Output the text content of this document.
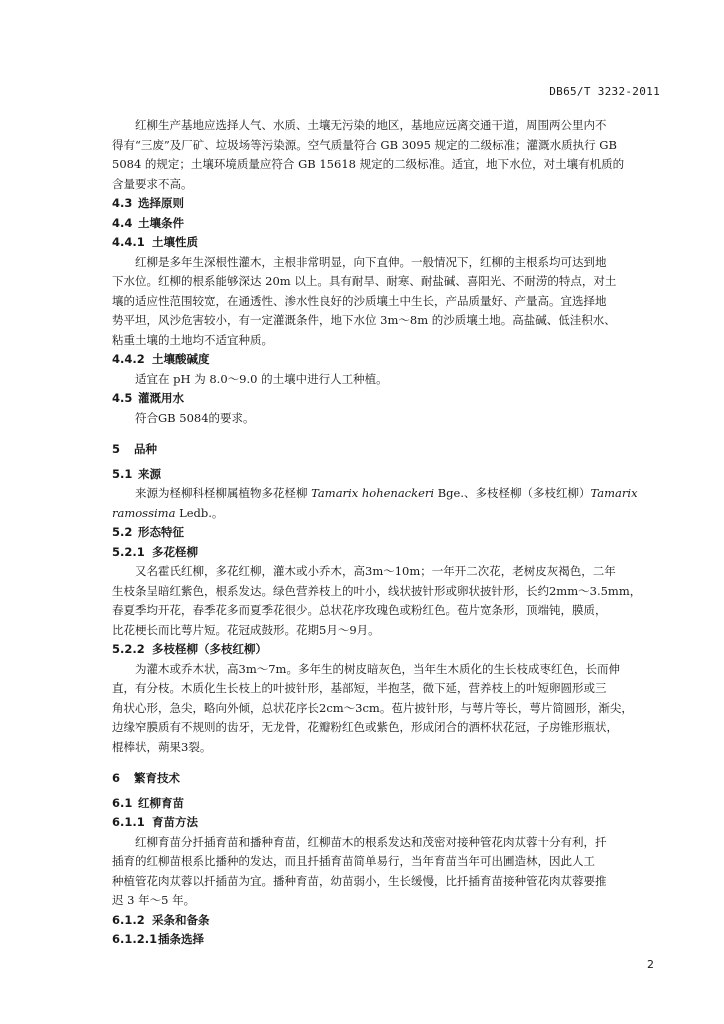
DB65/T 3232-2011

红柳生产基地应选择人气、水质、土壤无污染的地区，基地应远离交通干道，周围两公里内不

得有“三废”及厂矿、垃圾场等污染源。空气质量符合 GB 3095 规定的二级标准；灌溉水质执行 GB

5084 的规定；土壤环境质量应符合 GB 15618 规定的二级标准。适宜，地下水位，对土壤有机质的

含量要求不高。

4.3 选择原则
4.4 土壤条件
4.4.1 土壤性质

红柳是多年生深根性灌木，主根非常明显，向下直伸。一般情况下，红柳的主根系均可达到地

下水位。红柳的根系能够深达 20m 以上。具有耐旱、耐寒、耐盐碱、喜阳光、不耐涝的特点，对土

壤的适应性范围较宽，在通透性、渗水性良好的沙质壤土中生长，产品质量好、产量高。宜选择地

势平坦，风沙危害较小，有一定灌溉条件，地下水位 3m～8m 的沙质壤土地。高盐碱、低洼积水、

粘重土壤的土地均不适宜种质。

4.4.2 土壤酸碱度

适宜在 pH 为 8.0～9.0 的土壤中进行人工种植。

4.5 灌溉用水

符合GB 5084的要求。

5 品种
5.1 来源

来源为柽柳科柽柳属植物多花柽柳 Tamarix hohenackeri Bge.、多枝柽柳（多枝红柳）Tamarix

ramossima Ledb.。

5.2 形态特征
5.2.1 多花柽柳

又名霍氏红柳，多花红柳，灌木或小乔木，高3m～10m；一年开二次花，老树皮灰褐色，二年

生枝条呈暗红紫色，根系发达。绿色营养枝上的叶小，线状披针形或卵状披针形，长约2mm～3.5mm，

春夏季均开花，春季花多而夏季花很少。总状花序玫瑰色或粉红色。苞片宽条形，顶端钝，膜质，

比花梗长而比萼片短。花冠成鼓形。花期5月～9月。

5.2.2 多枝柽柳（多枝红柳）

为灌木或乔木状，高3m～7m。多年生的树皮暗灰色，当年生木质化的生长枝成枣红色，长而伸

直，有分枝。木质化生长枝上的叶披针形，基部短，半抱茎，微下延，营养枝上的叶短卵圆形或三

角状心形，急尖，略向外倾，总状花序长2cm～3cm。苞片披针形，与萼片等长，萼片简圆形，渐尖，

边缘窄膜质有不规则的齿牙，无龙骨，花瓣粉红色或紫色，形成闭合的酒杯状花冠，子房锥形瓶状，

棍棒状，蒴果3裂。

6 繁育技术
6.1 红柳育苗
6.1.1 育苗方法

红柳育苗分扦插育苗和播种育苗，红柳苗木的根系发达和茂密对接种管花肉苁蓉十分有利，扦

插育的红柳苗根系比播种的发达，而且扦插育苗简单易行，当年育苗当年可出圃造林，因此人工

种植管花肉苁蓉以扦插苗为宜。播种育苗，幼苗弱小，生长缓慢，比扦插育苗接种管花肉苁蓉要推

迟 3 年～5 年。

6.1.2 采条和备条
6.1.2.1插条选择
2
